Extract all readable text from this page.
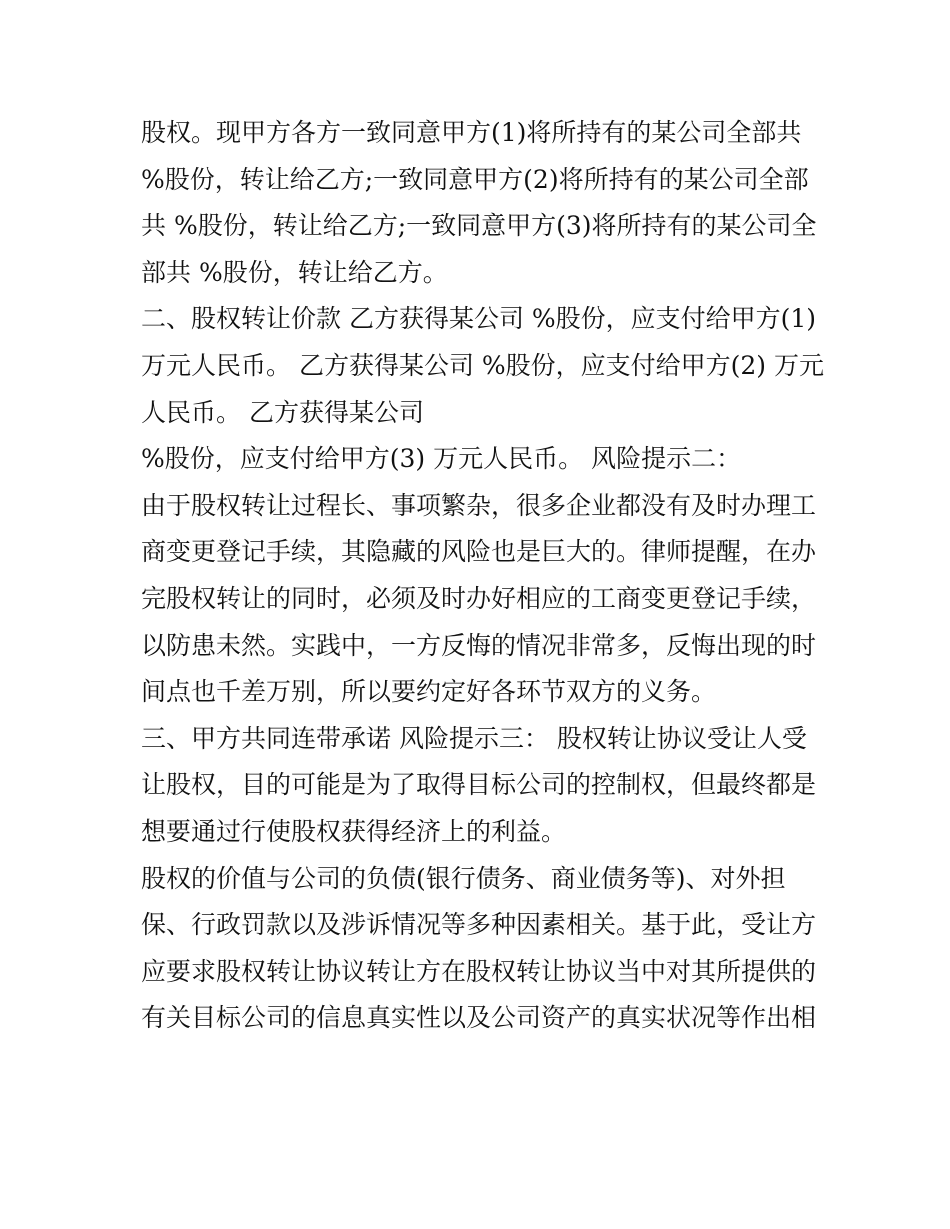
股权。现甲方各方一致同意甲方(1)将所持有的某公司全部共
%股份，转让给乙方;一致同意甲方(2)将所持有的某公司全部
共 %股份，转让给乙方;一致同意甲方(3)将所持有的某公司全
部共 %股份，转让给乙方。
二、股权转让价款 乙方获得某公司 %股份，应支付给甲方(1)
万元人民币。 乙方获得某公司 %股份，应支付给甲方(2) 万元
人民币。 乙方获得某公司
%股份，应支付给甲方(3) 万元人民币。 风险提示二：
由于股权转让过程长、事项繁杂，很多企业都没有及时办理工
商变更登记手续，其隐藏的风险也是巨大的。律师提醒，在办
完股权转让的同时，必须及时办好相应的工商变更登记手续，
以防患未然。实践中，一方反悔的情况非常多，反悔出现的时
间点也千差万别，所以要约定好各环节双方的义务。
三、甲方共同连带承诺 风险提示三： 股权转让协议受让人受
让股权，目的可能是为了取得目标公司的控制权，但最终都是
想要通过行使股权获得经济上的利益。
股权的价值与公司的负债(银行债务、商业债务等)、对外担
保、行政罚款以及涉诉情况等多种因素相关。基于此，受让方
应要求股权转让协议转让方在股权转让协议当中对其所提供的
有关目标公司的信息真实性以及公司资产的真实状况等作出相
